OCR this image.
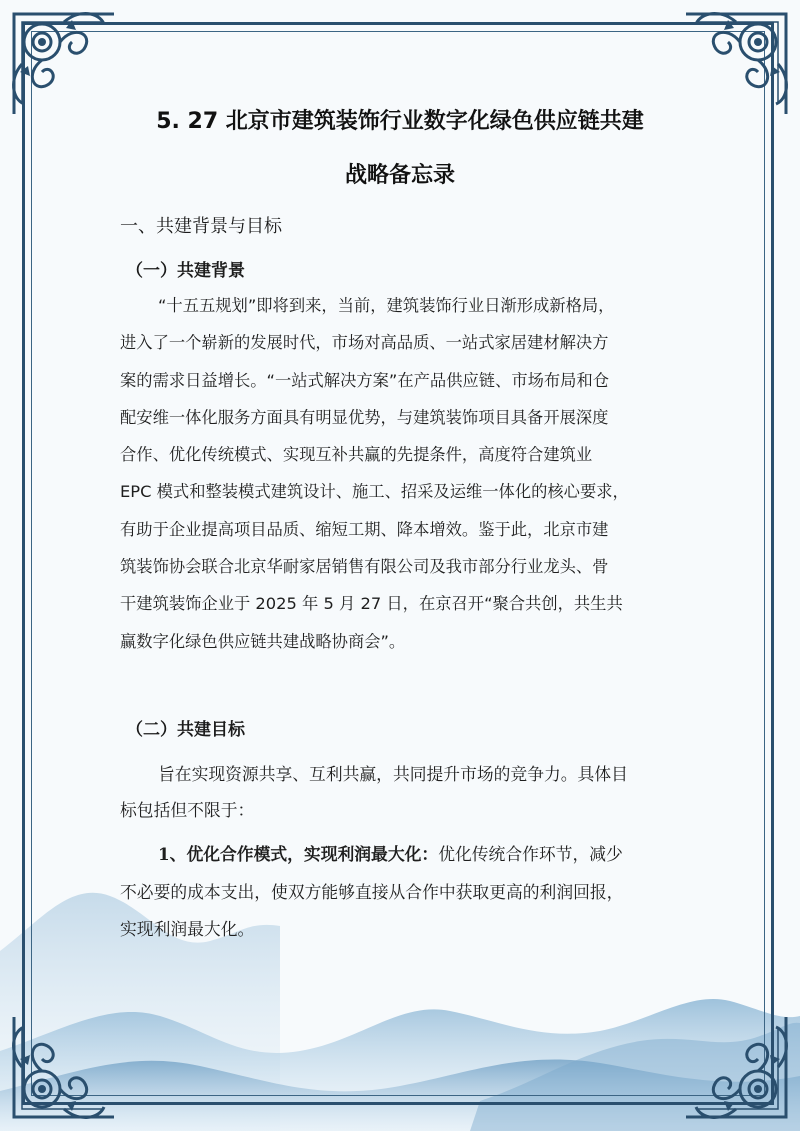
5. 27 北京市建筑装饰行业数字化绿色供应链共建
战略备忘录
一、共建背景与目标
（一）共建背景
“十五五规划”即将到来，当前，建筑装饰行业日渐形成新格局，
进入了一个崭新的发展时代，市场对高品质、一站式家居建材解决方
案的需求日益增长。“一站式解决方案”在产品供应链、市场布局和仓
配安维一体化服务方面具有明显优势，与建筑装饰项目具备开展深度
合作、优化传统模式、实现互补共赢的先提条件，高度符合建筑业
EPC 模式和整装模式建筑设计、施工、招采及运维一体化的核心要求，
有助于企业提高项目品质、缩短工期、降本增效。鉴于此，北京市建
筑装饰协会联合北京华耐家居销售有限公司及我市部分行业龙头、骨
干建筑装饰企业于 2025 年 5 月 27 日，在京召开“聚合共创，共生共
赢数字化绿色供应链共建战略协商会”。
（二）共建目标
旨在实现资源共享、互利共赢，共同提升市场的竞争力。具体目
标包括但不限于：
1、优化合作模式，实现利润最大化：优化传统合作环节，减少
不必要的成本支出，使双方能够直接从合作中获取更高的利润回报，
实现利润最大化。
